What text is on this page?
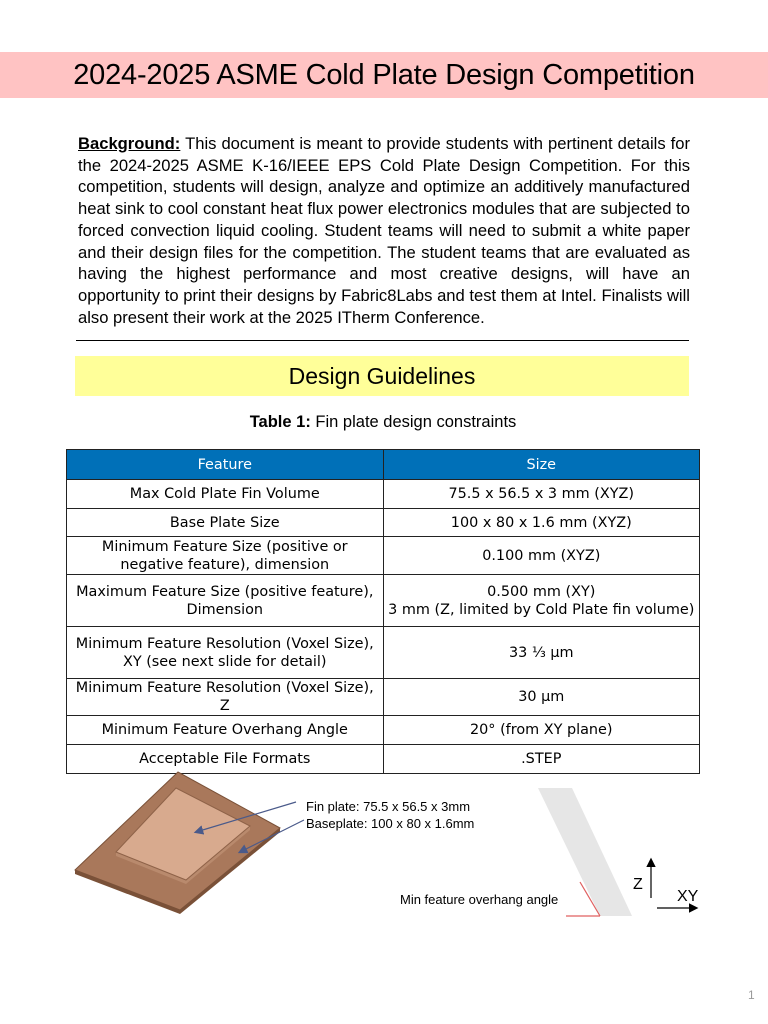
2024-2025 ASME Cold Plate Design Competition

Background: This document is meant to provide students with pertinent details for the 2024-2025 ASME K-16/IEEE EPS Cold Plate Design Competition. For this competition, students will design, analyze and optimize an additively manufactured heat sink to cool constant heat flux power electronics modules that are subjected to forced convection liquid cooling. Student teams will need to submit a white paper and their design files for the competition. The student teams that are evaluated as having the highest performance and most creative designs, will have an opportunity to print their designs by Fabric8Labs and test them at Intel. Finalists will also present their work at the 2025 ITherm Conference.

Design Guidelines
Table 1: Fin plate design constraints
Feature	Size
Max Cold Plate Fin Volume	75.5 x 56.5 x 3 mm (XYZ)
Base Plate Size	100 x 80 x 1.6 mm (XYZ)
Minimum Feature Size (positive or negative feature), dimension	0.100 mm (XYZ)
Maximum Feature Size (positive feature), Dimension	0.500 mm (XY)
3 mm (Z, limited by Cold Plate fin volume)

Minimum Feature Resolution (Voxel Size), XY (see next slide for detail)	33 ⅓ µm
Minimum Feature Resolution (Voxel Size), Z	30 µm
Minimum Feature Overhang Angle	20° (from XY plane)
Acceptable File Formats	.STEP
Fin plate: 75.5 x 56.5 x 3mm
Baseplate: 100 x 80 x 1.6mm
Min feature overhang angle
Z
XY
1
